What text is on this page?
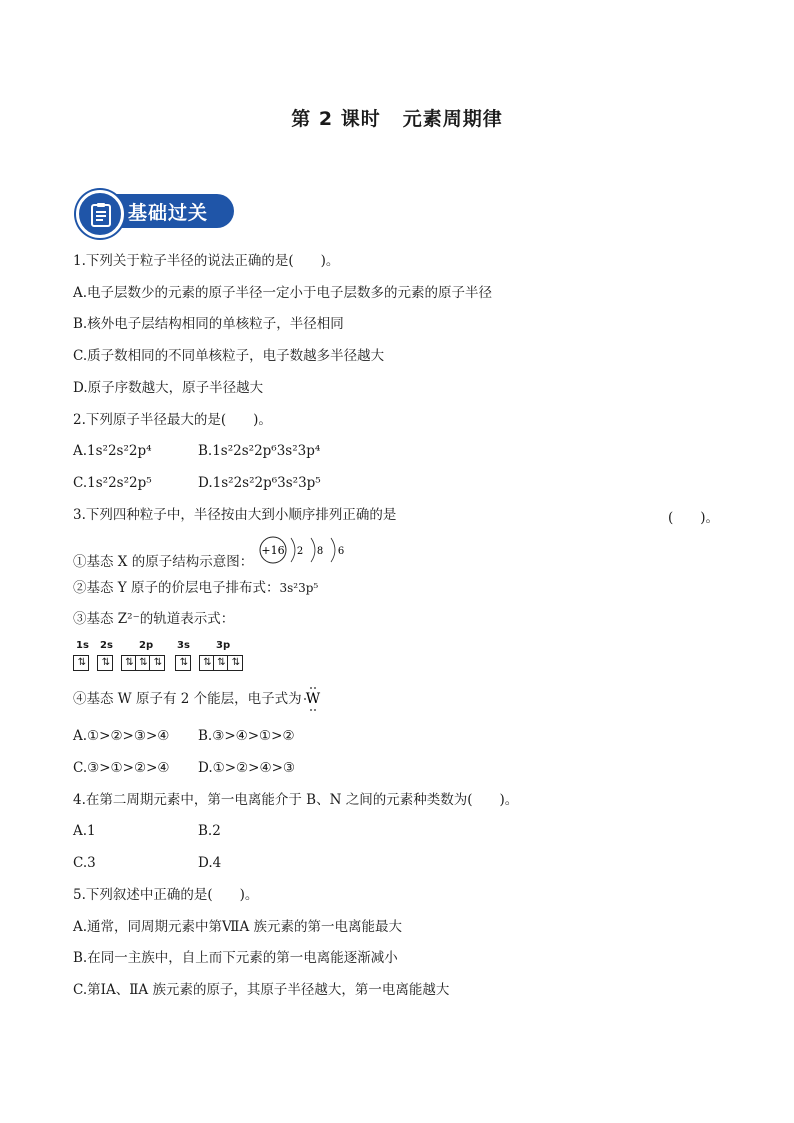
第 2 课时 元素周期律
基础过关
1.下列关于粒子半径的说法正确的是(　　)。
A.电子层数少的元素的原子半径一定小于电子层数多的元素的原子半径
B.核外电子层结构相同的单核粒子，半径相同
C.质子数相同的不同单核粒子，电子数越多半径越大
D.原子序数越大，原子半径越大
2.下列原子半径最大的是(　　)。
A.1s²2s²2p⁴	B.1s²2s²2p⁶3s²3p⁴
C.1s²2s²2p⁵	D.1s²2s²2p⁶3s²3p⁵
3.下列四种粒子中，半径按由大到小顺序排列正确的是	(　　)。
①基态 X 的原子结构示意图：
+16 2 8 6
②基态 Y 原子的价层电子排布式：3s²3p⁵
③基态 Z²⁻的轨道表示式：
1s 2s	2p 3s	3p
⇅	⇅	⇅ ⇅ ⇅	⇅	⇅ ⇅ ⇅
④基态 W 原子有 2 个能层，电子式为 W
A.①>②>③>④ B.③>④>①>②
C.③>①>②>④ D.①>②>④>③
4.在第二周期元素中，第一电离能介于 B、N 之间的元素种类数为(　　)。
A.1	B.2
C.3	D.4
5.下列叙述中正确的是(　　)。
A.通常，同周期元素中第ⅦA 族元素的第一电离能最大
B.在同一主族中，自上而下元素的第一电离能逐渐减小
C.第ⅠA、ⅡA 族元素的原子，其原子半径越大，第一电离能越大
